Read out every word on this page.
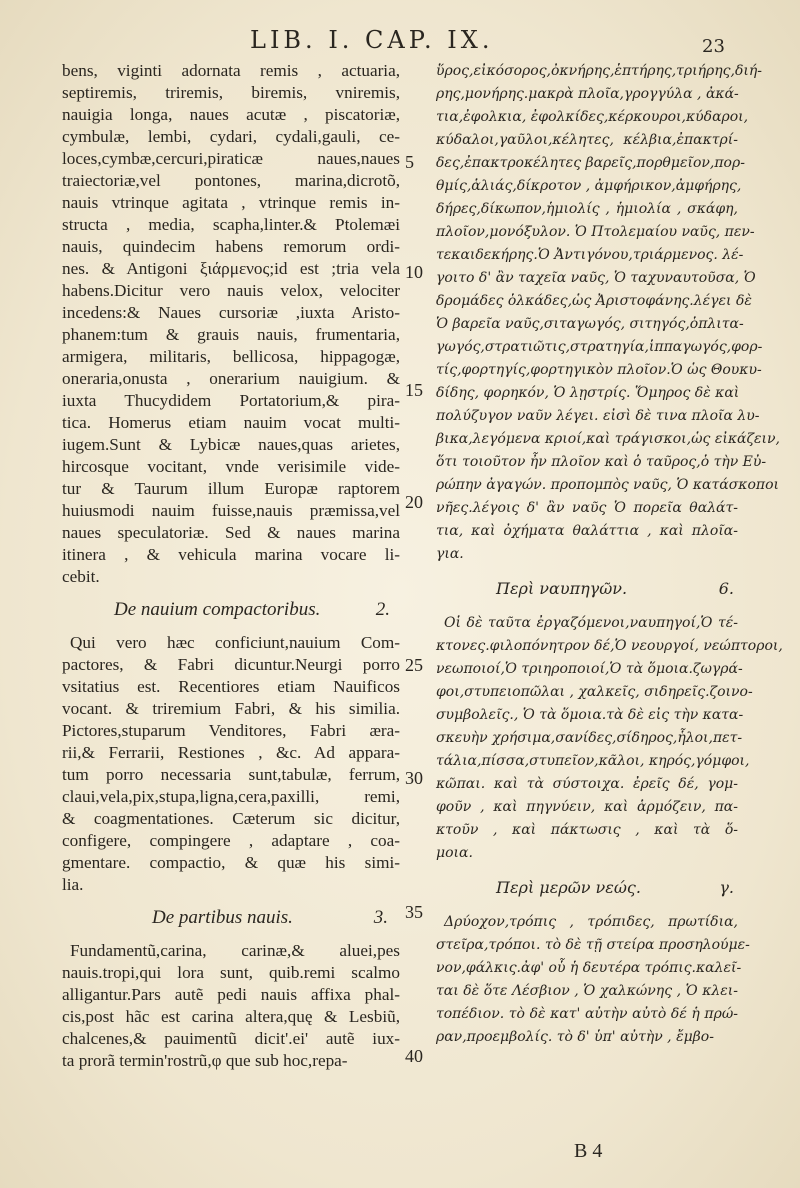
LIB. I. CAP. IX.	23
bens, viginti adornata remis , actuaria,
septiremis, triremis, biremis, vniremis,
nauigia longa, naues acutæ , piscatoriæ,
cymbulæ, lembi, cydari, cydali,gauli, ce-
loces,cymbæ,cercuri,piraticæ naues,naues
traiectoriæ,vel pontones, marina,dicrotõ,
nauis vtrinque agitata , vtrinque remis in-
structa , media, scapha,linter.& Ptolemæi
nauis, quindecim habens remorum ordi-
nes. & Antigoni ξιάρμενος;id est ;tria vela
habens.Dicitur vero nauis velox, velociter
incedens:& Naues cursoriæ ,iuxta Aristo-
phanem:tum & grauis nauis, frumentaria,
armigera, militaris, bellicosa, hippagogæ,
oneraria,onusta , onerarium nauigium. &
iuxta Thucydidem Portatorium,& pira-
tica. Homerus etiam nauim vocat multi-
iugem.Sunt & Lybicæ naues,quas arietes,
hircosque vocitant, vnde verisimile vide-
tur & Taurum illum Europæ raptorem
huiusmodi nauim fuisse,nauis præmissa,vel
naues speculatoriæ. Sed & naues marina
itinera , & vehicula marina vocare li-
cebit.
De nauium compactoribus.	2.
Qui vero hæc conficiunt,nauium Com-
pactores, & Fabri dicuntur.Neurgi porro
vsitatius est. Recentiores etiam Nauificos
vocant. & triremium Fabri, & his similia.
Pictores,stuparum Venditores, Fabri æra-
rii,& Ferrarii, Restiones , &c. Ad appara-
tum porro necessaria sunt,tabulæ, ferrum,
claui,vela,pix,stupa,ligna,cera,paxilli, remi,
& coagmentationes. Cæterum sic dicitur,
configere, compingere , adaptare , coa-
gmentare. compactio, & quæ his simi-
lia.
De partibus nauis.	3.
Fundamentũ,carina, carinæ,& aluei,pes
nauis.tropi,qui lora sunt, quib.remi scalmo
alligantur.Pars autẽ pedi nauis affixa phal-
cis,post hãc est carina altera,quę & Lesbiũ,
chalcenes,& pauimentũ dicit'.ei' autẽ iux-
ta prorã termin'rostrũ,φ que sub hoc,repa-
ὕρος,εἰκόσορος,ὀκνήρης,ἑπτήρης,τριήρης,διή-
ρης,μονήρης.μακρὰ πλοῖα,γρογγύλα , ἀκά-
τια,ἐφολκια, ἐφολκίδες,κέρκουροι,κύδαροι,
κύδαλοι,γαῦλοι,κέλητες, κέλβια,ἐπακτρί-
δες,ἐπακτροκέλητες βαρεῖς,πορθμεῖον,πορ-
θμίς,ἁλιάς,δίκροτον , ἀμφήρικον,ἀμφήρης,
δήρες,δίκωπον,ἡμιολίς , ἡμιολία , σκάφη,
πλοῖον,μονόξυλον. Ὁ Πτολεμαίου ναῦς, πεν-
τεκαιδεκήρης.Ὁ Ἀντιγόνου,τριάρμενος. λέ-
γοιτο δ' ἂν ταχεῖα ναῦς, Ὁ ταχυναυτοῦσα, Ὁ
δρομάδες ὁλκάδες,ὡς Ἀριστοφάνης.λέγει δὲ
Ὁ βαρεῖα ναῦς,σιταγωγός, σιτηγός,ὁπλιτα-
γωγός,στρατιῶτις,στρατηγία,ἱππαγωγός,φορ-
τίς,φορτηγίς,φορτηγικὸν πλοῖον.Ὁ ὡς Θουκυ-
δίδης, φορηκόν, Ὁ λῃστρίς. Ὅμηρος δὲ καὶ
πολύζυγον ναῦν λέγει. εἰσὶ δὲ τινα πλοῖα λυ-
βικα,λεγόμενα κριοί,καὶ τράγισκοι,ὡς εἰκάζειν,
ὅτι τοιοῦτον ἦν πλοῖον καὶ ὁ ταῦρος,ὁ τὴν Εὐ-
ρώπην ἀγαγών. προπομπὸς ναῦς, Ὁ κατάσκοποι
νῆες.λέγοις δ' ἂν ναῦς Ὁ πορεῖα θαλάτ-
τια, καὶ ὀχήματα θαλάττια , καὶ πλοῖα-
για.
Περὶ ναυπηγῶν.	6.
Οἱ δὲ ταῦτα ἐργαζόμενοι,ναυπηγοί,Ὁ τέ-
κτονες.φιλοπόνητρον δέ,Ὁ νεουργοί, νεώπτοροι,
νεωποιοί,Ὁ τριηροποιοί,Ὁ τὰ ὅμοια.ζωγρά-
φοι,στυπειοπῶλαι , χαλκεῖς, σιδηρεῖς.ζοινο-
συμβολεῖς., Ὁ τὰ ὅμοια.τὰ δὲ εἰς τὴν κατα-
σκευὴν χρήσιμα,σανίδες,σίδηρος,ἧλοι,πετ-
τάλια,πίσσα,στυπεῖον,κᾶλοι, κηρός,γόμφοι,
κῶπαι. καὶ τὰ σύστοιχα. ἐρεῖς δέ, γομ-
φοῦν , καὶ πηγνύειν, καὶ ἁρμόζειν, πα-
κτοῦν , καὶ πάκτωσις , καὶ τὰ ὅ-
μοια.
Περὶ μερῶν νεώς.	γ.
Δρύοχον,τρόπις , τρόπιδες, πρωτίδια,
στεῖρα,τρόποι. τὸ δὲ τῇ στείρα προσηλούμε-
νον,φάλκις.ἀφ' οὗ ἡ δευτέρα τρόπις.καλεῖ-
ται δὲ ὅτε Λέσβιον , Ὁ χαλκώνης , Ὁ κλει-
τοπέδιον. τὸ δὲ κατ' αὐτὴν αὐτὸ δέ ἡ πρώ-
ραν,προεμβολίς. τὸ δ' ὑπ' αὐτὴν , ἔμβο-
5
10
15
20
25
30
35
40
B 4
